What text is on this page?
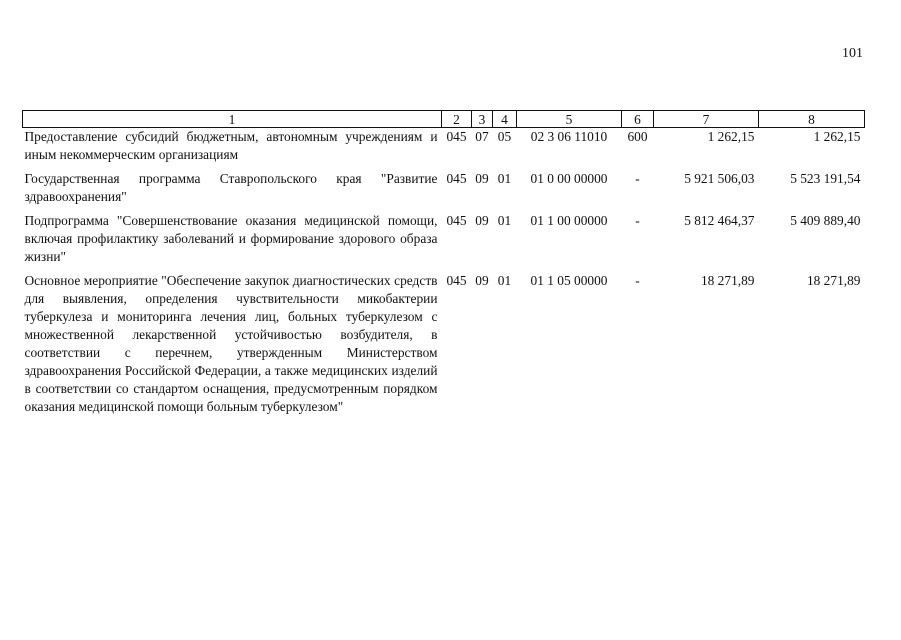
101
1	2	3	4	5	6	7	8
Предоставление субсидий бюджетным, автономным учреждениям и иным некоммерческим организациям	045	07	05	02 3 06 11010	600	1 262,15	1 262,15
Государственная программа Ставропольского края "Развитие здравоохранения"	045	09	01	01 0 00 00000	-	5 921 506,03	5 523 191,54
Подпрограмма "Совершенствование оказания медицинской помощи, включая профилактику заболеваний и формирование здорового образа жизни"	045	09	01	01 1 00 00000	-	5 812 464,37	5 409 889,40
Основное мероприятие "Обеспечение закупок диагностических средств для выявления, определения чувствительности микобактерии туберкулеза и мониторинга лечения лиц, больных туберкулезом с множественной лекарственной устойчивостью возбудителя, в соответствии с перечнем, утвержденным Министерством здравоохранения Российской Федерации, а также медицинских изделий в соответствии со стандартом оснащения, предусмотренным порядком оказания медицинской помощи больным туберкулезом"	045	09	01	01 1 05 00000	-	18 271,89	18 271,89
